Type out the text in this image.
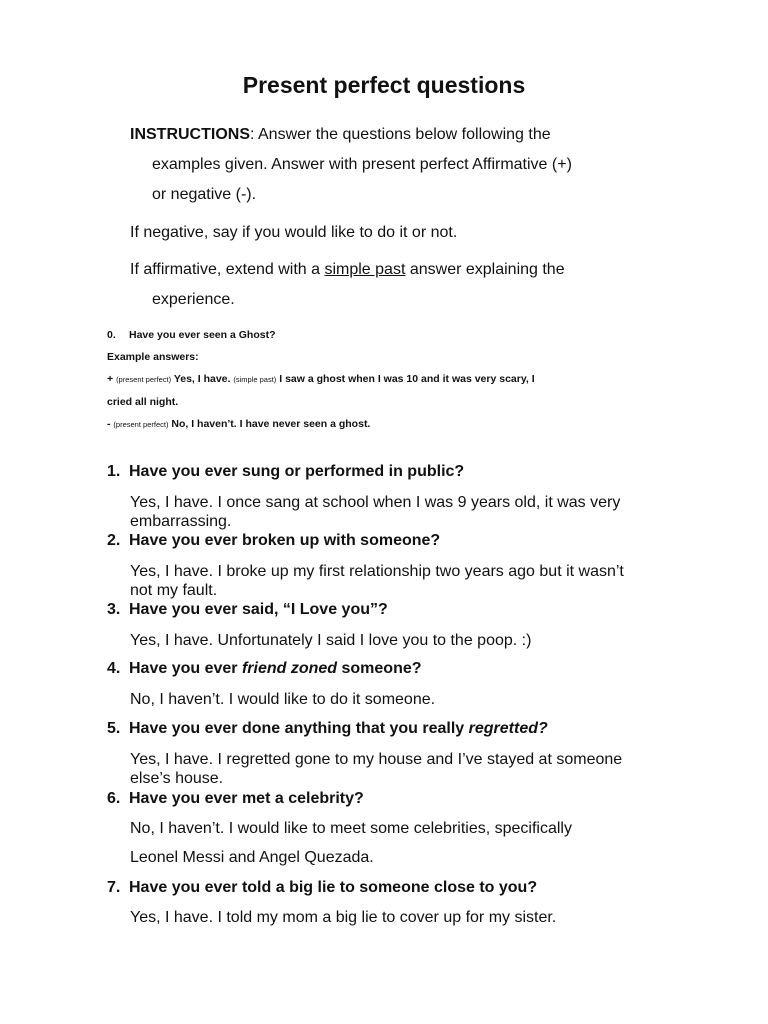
Present perfect questions
INSTRUCTIONS: Answer the questions below following the
examples given. Answer with present perfect Affirmative (+)
or negative (-).
If negative, say if you would like to do it or not.
If affirmative, extend with a simple past answer explaining the
experience.
0. Have you ever seen a Ghost?
Example answers:
+ (present perfect) Yes, I have. (simple past) I saw a ghost when I was 10 and it was very scary, I
cried all night.
- (present perfect) No, I haven’t. I have never seen a ghost.
1. Have you ever sung or performed in public?
Yes, I have. I once sang at school when I was 9 years old, it was very embarrassing.
2. Have you ever broken up with someone?
Yes, I have. I broke up my first relationship two years ago but it wasn’t not my fault.
3. Have you ever said, “I Love you”?
Yes, I have. Unfortunately I said I love you to the poop. :)
4. Have you ever friend zoned someone?
No, I haven’t. I would like to do it someone.
5. Have you ever done anything that you really regretted?
Yes, I have. I regretted gone to my house and I’ve stayed at someone else’s house.
6. Have you ever met a celebrity?
No, I haven’t. I would like to meet some celebrities, specifically
Leonel Messi and Angel Quezada.
7. Have you ever told a big lie to someone close to you?
Yes, I have. I told my mom a big lie to cover up for my sister.
